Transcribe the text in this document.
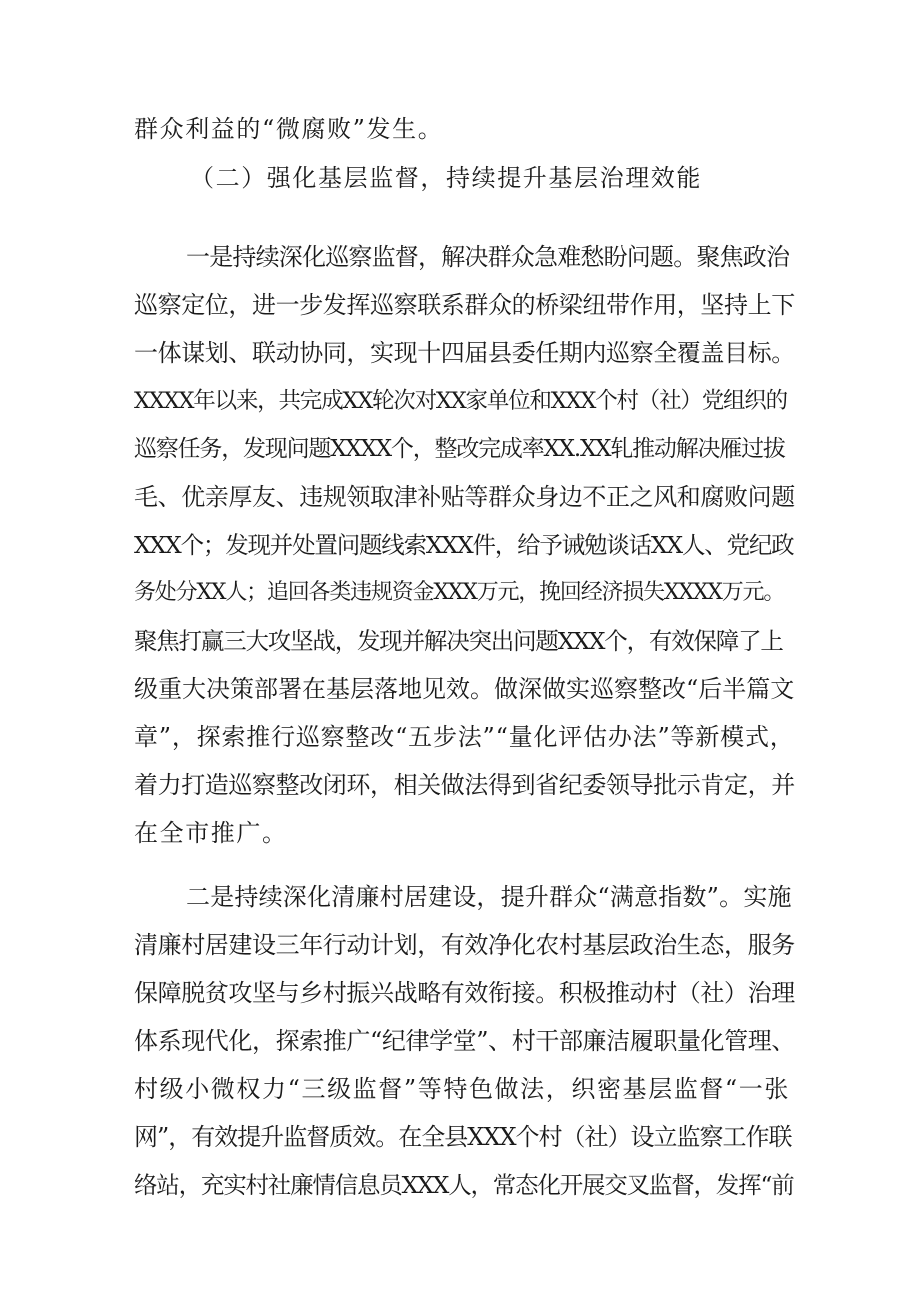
群众利益的“微腐败”发生。
（二）强化基层监督，持续提升基层治理效能
一是持续深化巡察监督，解决群众急难愁盼问题。聚焦政治
巡察定位，进一步发挥巡察联系群众的桥梁纽带作用，坚持上下
一体谋划、联动协同，实现十四届县委任期内巡察全覆盖目标。
XXXX年以来，共完成XX轮次对XX家单位和XXX个村（社）党组织的
巡察任务，发现问题XXXX个，整改完成率XX.XX轧推动解决雁过拔
毛、优亲厚友、违规领取津补贴等群众身边不正之风和腐败问题
XXX个；发现并处置问题线索XXX件，给予诫勉谈话XX人、党纪政
务处分XX人；追回各类违规资金XXX万元，挽回经济损失XXXX万元。
聚焦打赢三大攻坚战，发现并解决突出问题XXX个，有效保障了上
级重大决策部署在基层落地见效。做深做实巡察整改“后半篇文
章”，探索推行巡察整改“五步法”“量化评估办法”等新模式，
着力打造巡察整改闭环，相关做法得到省纪委领导批示肯定，并
在全市推广。
二是持续深化清廉村居建设，提升群众“满意指数”。实施
清廉村居建设三年行动计划，有效净化农村基层政治生态，服务
保障脱贫攻坚与乡村振兴战略有效衔接。积极推动村（社）治理
体系现代化，探索推广“纪律学堂”、村干部廉洁履职量化管理、
村级小微权力“三级监督”等特色做法，织密基层监督“一张
网”，有效提升监督质效。在全县XXX个村（社）设立监察工作联
络站，充实村社廉情信息员XXX人，常态化开展交叉监督，发挥“前
